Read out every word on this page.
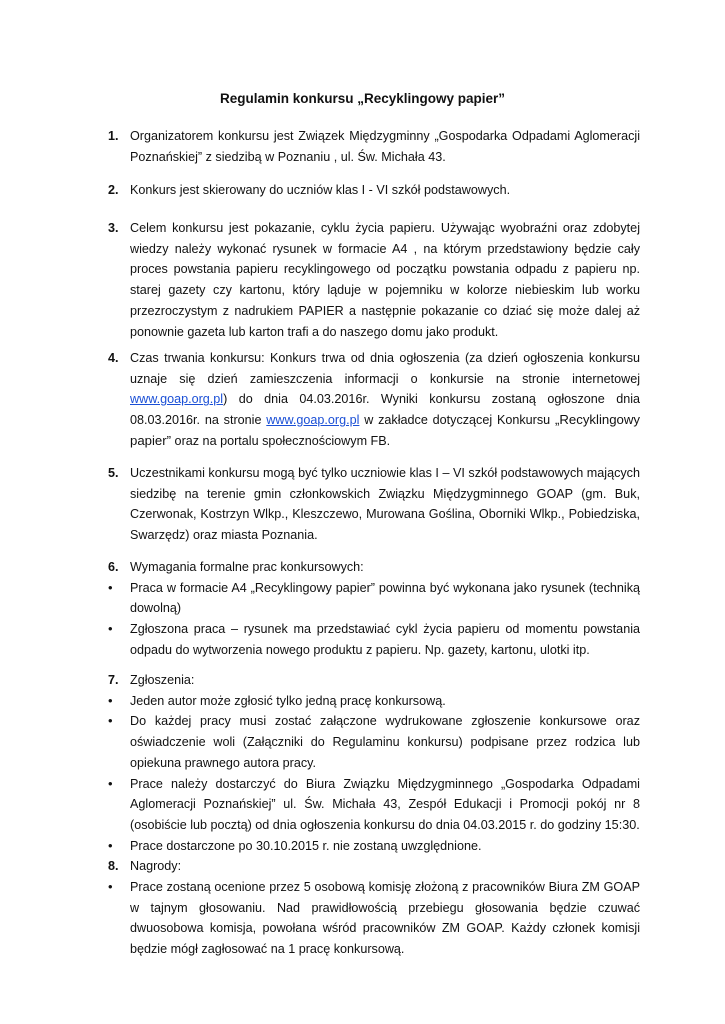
Regulamin konkursu „Recyklingowy papier”
1. Organizatorem konkursu jest Związek Międzygminny „Gospodarka Odpadami Aglomeracji Poznańskiej” z siedzibą w Poznaniu , ul. Św. Michała 43.
2. Konkurs jest skierowany do uczniów klas I - VI szkół podstawowych.
3. Celem konkursu jest pokazanie, cyklu życia papieru. Używając wyobraźni oraz zdobytej wiedzy należy wykonać rysunek w formacie A4 , na którym przedstawiony będzie cały proces powstania papieru recyklingowego od początku powstania odpadu z papieru np. starej gazety czy kartonu, który ląduje w pojemniku w kolorze niebieskim lub worku przezroczystym z nadrukiem PAPIER a następnie pokazanie co dziać się może dalej aż ponownie gazeta lub karton trafi a do naszego domu jako produkt.
4. Czas trwania konkursu: Konkurs trwa od dnia ogłoszenia (za dzień ogłoszenia konkursu uznaje się dzień zamieszczenia informacji o konkursie na stronie internetowej www.goap.org.pl) do dnia 04.03.2016r. Wyniki konkursu zostaną ogłoszone dnia 08.03.2016r. na stronie www.goap.org.pl w zakładce dotyczącej Konkursu „Recyklingowy papier” oraz na portalu społecznościowym FB.
5. Uczestnikami konkursu mogą być tylko uczniowie klas I – VI szkół podstawowych mających siedzibę na terenie gmin członkowskich Związku Międzygminnego GOAP (gm. Buk, Czerwonak, Kostrzyn Wlkp., Kleszczewo, Murowana Goślina, Oborniki Wlkp., Pobiedziska, Swarzędz) oraz miasta Poznania.
6. Wymagania formalne prac konkursowych:
• Praca w formacie A4 „Recyklingowy papier” powinna być wykonana jako rysunek (techniką dowolną)
• Zgłoszona praca – rysunek ma przedstawiać cykl życia papieru od momentu powstania odpadu do wytworzenia nowego produktu z papieru. Np. gazety, kartonu, ulotki itp.
7. Zgłoszenia:
• Jeden autor może zgłosić tylko jedną pracę konkursową.
• Do każdej pracy musi zostać załączone wydrukowane zgłoszenie konkursowe oraz oświadczenie woli (Załączniki do Regulaminu konkursu) podpisane przez rodzica lub opiekuna prawnego autora pracy.
• Prace należy dostarczyć do Biura Związku Międzygminnego „Gospodarka Odpadami Aglomeracji Poznańskiej” ul. Św. Michała 43, Zespół Edukacji i Promocji pokój nr 8 (osobiście lub pocztą) od dnia ogłoszenia konkursu do dnia 04.03.2015 r. do godziny 15:30.
• Prace dostarczone po 30.10.2015 r. nie zostaną uwzględnione.
8. Nagrody:
• Prace zostaną ocenione przez 5 osobową komisję złożoną z pracowników Biura ZM GOAP w tajnym głosowaniu. Nad prawidłowością przebiegu głosowania będzie czuwać dwuosobowa komisja, powołana wśród pracowników ZM GOAP. Każdy członek komisji będzie mógł zagłosować na 1 pracę konkursową.
